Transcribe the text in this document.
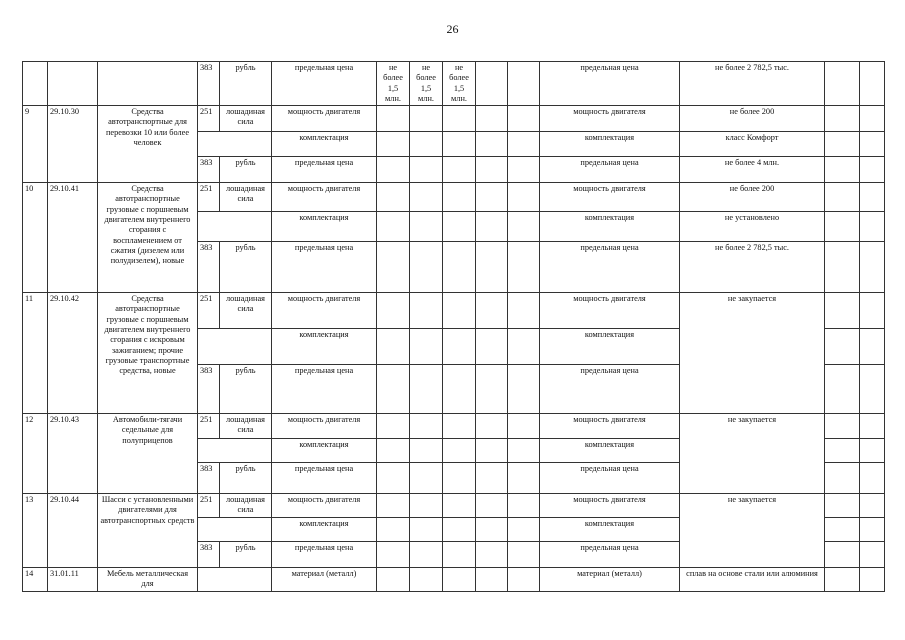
26
			383	рубль	предельная цена	не более 1,5 млн.	не более 1,5 млн.	не более 1,5 млн.			предельная цена	не более 2 782,5 тыс.		
9	29.10.30	Средства автотранспортные для перевозки 10 или более человек	251	лошадиная сила	мощность двигателя						мощность двигателя	не более 200		
					комплектация						комплектация	класс Комфорт		
			383	рубль	предельная цена						предельная цена	не более 4 млн.		
10	29.10.41	Средства автотранспортные грузовые с поршневым двигателем внутреннего сгорания с воспламенением от сжатия (дизелем или полудизелем), новые	251	лошадиная сила	мощность двигателя						мощность двигателя	не более 200		
					комплектация						комплектация	не установлено		
			383	рубль	предельная цена						предельная цена	не более 2 782,5 тыс.		
11	29.10.42	Средства автотранспортные грузовые с поршневым двигателем внутреннего сгорания с искровым зажиганием; прочие грузовые транспортные средства, новые	251	лошадиная сила	мощность двигателя						мощность двигателя	не закупается		
					комплектация						комплектация			
			383	рубль	предельная цена						предельная цена			
12	29.10.43	Автомобили-тягачи седельные для полуприцепов	251	лошадиная сила	мощность двигателя						мощность двигателя	не закупается		
					комплектация						комплектация			
			383	рубль	предельная цена						предельная цена			
13	29.10.44	Шасси с установленными двигателями для автотранспортных средств	251	лошадиная сила	мощность двигателя						мощность двигателя	не закупается		
					комплектация						комплектация			
			383	рубль	предельная цена						предельная цена			
14	31.01.11	Мебель металлическая для			материал (металл)						материал (металл)	сплав на основе стали или алюминия		
